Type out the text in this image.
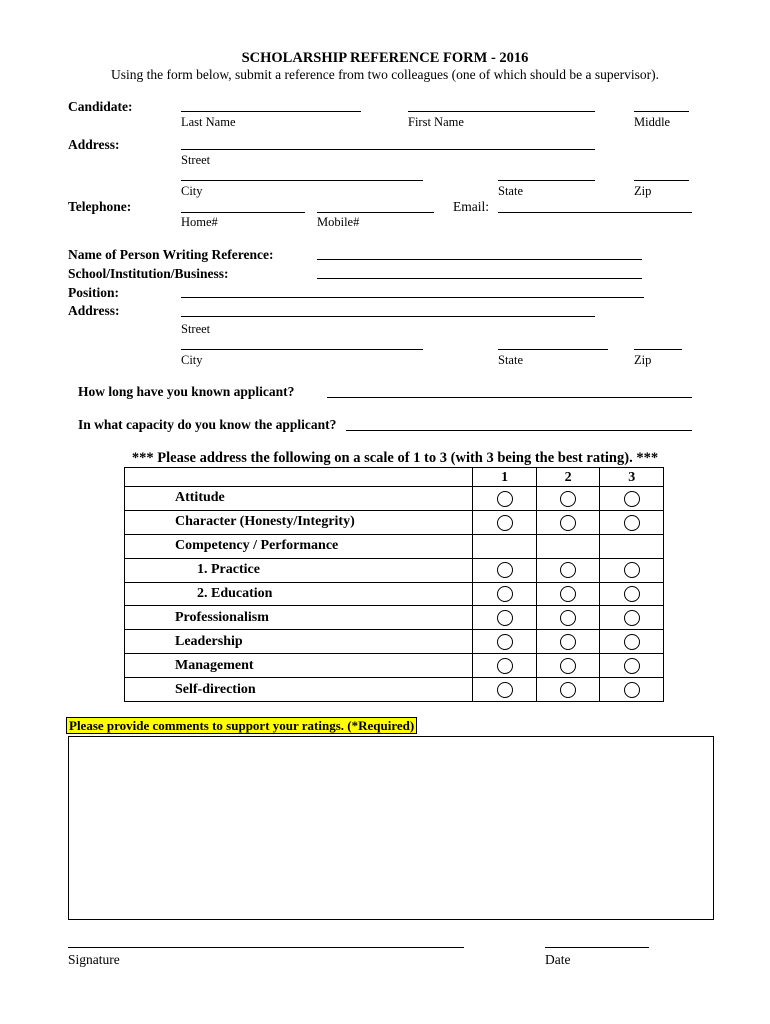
SCHOLARSHIP REFERENCE FORM - 2016
Using the form below, submit a reference from two colleagues (one of which should be a supervisor).
Candidate:
Last Name	First Name	Middle
Address:
Street
City	State	Zip
Telephone:	Email:
Home#	Mobile#
Name of Person Writing Reference:
School/Institution/Business:
Position:
Address:
Street
City	State	Zip
How long have you known applicant?
In what capacity do you know the applicant?
*** Please address the following on a scale of 1 to 3 (with 3 being the best rating). ***
	1	2	3
Attitude			
Character (Honesty/Integrity)			
Competency / Performance			
1. Practice			
2. Education			
Professionalism			
Leadership			
Management			
Self-direction			
Please provide comments to support your ratings. (*Required)
Signature	Date
